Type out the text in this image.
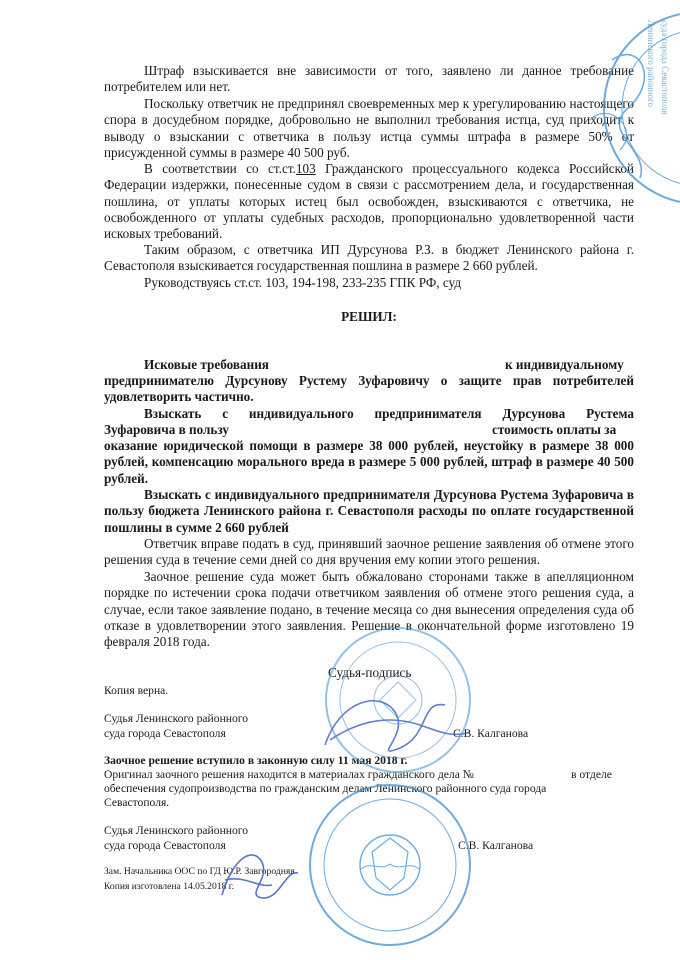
Штраф взыскивается вне зависимости от того, заявлено ли данное требование потребителем или нет.

Поскольку ответчик не предпринял своевременных мер к урегулированию настоящего спора в досудебном порядке, добровольно не выполнил требования истца, суд приходит к выводу о взыскании с ответчика в пользу истца суммы штрафа в размере 50% от присужденной суммы в размере 40 500 руб.

В соответствии со ст.ст.103 Гражданского процессуального кодекса Российской Федерации издержки, понесенные судом в связи с рассмотрением дела, и государственная пошлина, от уплаты которых истец был освобожден, взыскиваются с ответчика, не освобожденного от уплаты судебных расходов, пропорционально удовлетворенной части исковых требований.

Таким образом, с ответчика ИП Дурсунова Р.З. в бюджет Ленинского района г. Севастополя взыскивается государственная пошлина в размере 2 660 рублей.

Руководствуясь ст.ст. 103, 194-198, 233-235 ГПК РФ, суд

РЕШИЛ:

Исковые требования	к индивидуальному

предпринимателю Дурсунову Рустему Зуфаровичу о защите прав потребителей удовлетворить частично.

Взыскать с индивидуального предпринимателя Дурсунова Рустема

Зуфаровича в пользу	стоимость оплаты за

оказание юридической помощи в размере 38 000 рублей, неустойку в размере 38 000 рублей, компенсацию морального вреда в размере 5 000 рублей, штраф в размере 40 500 рублей.

Взыскать с индивидуального предпринимателя Дурсунова Рустема Зуфаровича в пользу бюджета Ленинского района г. Севастополя расходы по оплате государственной пошлины в сумме 2 660 рублей

Ответчик вправе подать в суд, принявший заочное решение заявления об отмене этого решения суда в течение семи дней со дня вручения ему копии этого решения.

Заочное решение суда может быть обжаловано сторонами также в апелляционном порядке по истечении срока подачи ответчиком заявления об отмене этого решения суда, а случае, если такое заявление подано, в течение месяца со дня вынесения определения суда об отказе в удовлетворении этого заявления. Решение в окончательной форме изготовлено 19 февраля 2018 года.

Судья-подпись
Копия верна.
Судья Ленинского районного
суда города Севастополя	С.В. Калганова
Заочное решение вступило в законную силу 11 мая 2018 г.
Оригинал заочного решения находится в материалах гражданского дела №	в отделе

обеспечения судопроизводства по гражданским делам Ленинского районного суда города Севастополя.

Судья Ленинского районного
суда города Севастополя	С.В. Калганова
Зам. Начальника ООС по ГД Ю.Р. Завгородняя
Копия изготовлена 14.05.2018 г.
Ленинского районного суда города Севастополя
